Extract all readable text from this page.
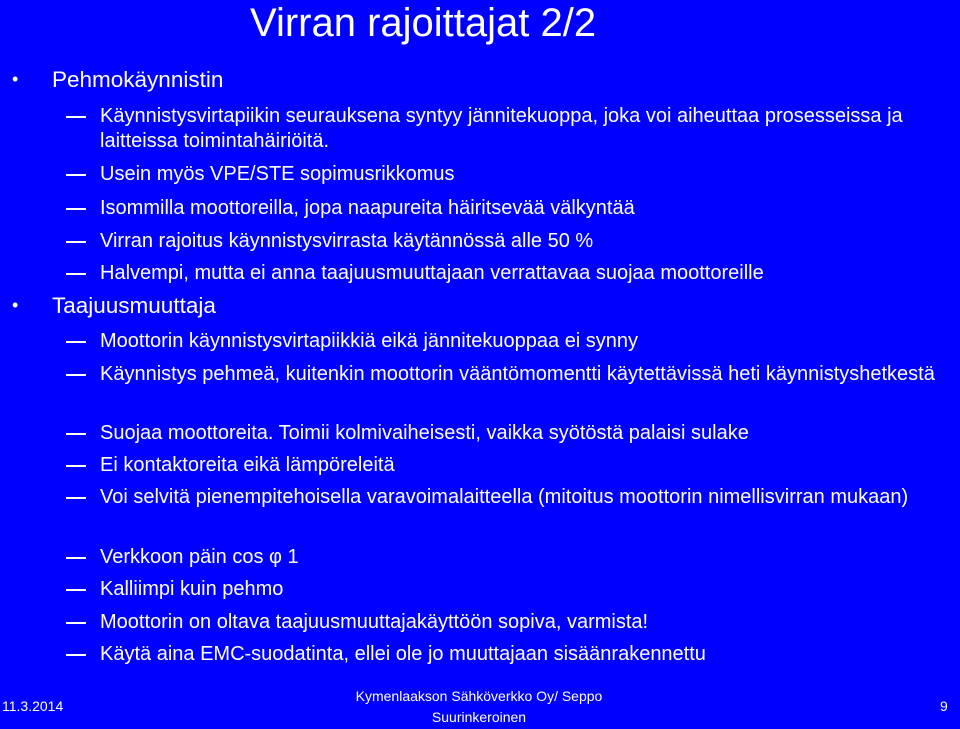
Virran rajoittajat 2/2
• Pehmokäynnistin
Käynnistysvirtapiikin seurauksena syntyy jännitekuoppa, joka voi aiheuttaa prosesseissa ja laitteissa toimintahäiriöitä.
Usein myös VPE/STE sopimusrikkomus
Isommilla moottoreilla, jopa naapureita häiritsevää välkyntää
Virran rajoitus käynnistysvirrasta käytännössä alle 50 %
Halvempi, mutta ei anna taajuusmuuttajaan verrattavaa suojaa moottoreille
• Taajuusmuuttaja
Moottorin käynnistysvirtapiikkiä eikä jännitekuoppaa ei synny
Käynnistys pehmeä, kuitenkin moottorin vääntömomentti käytettävissä heti käynnistyshetkestä
Suojaa moottoreita. Toimii kolmivaiheisesti, vaikka syötöstä palaisi sulake
Ei kontaktoreita eikä lämpöreleitä
Voi selvitä pienempitehoisella varavoimalaitteella (mitoitus moottorin nimellisvirran mukaan)
Verkkoon päin cos φ 1
Kalliimpi kuin pehmo
Moottorin on oltava taajuusmuuttajakäyttöön sopiva, varmista!
Käytä aina EMC-suodatinta, ellei ole jo muuttajaan sisäänrakennettu
11.3.2014
Kymenlaakson Sähköverkko Oy/ Seppo Suurinkeroinen
9
